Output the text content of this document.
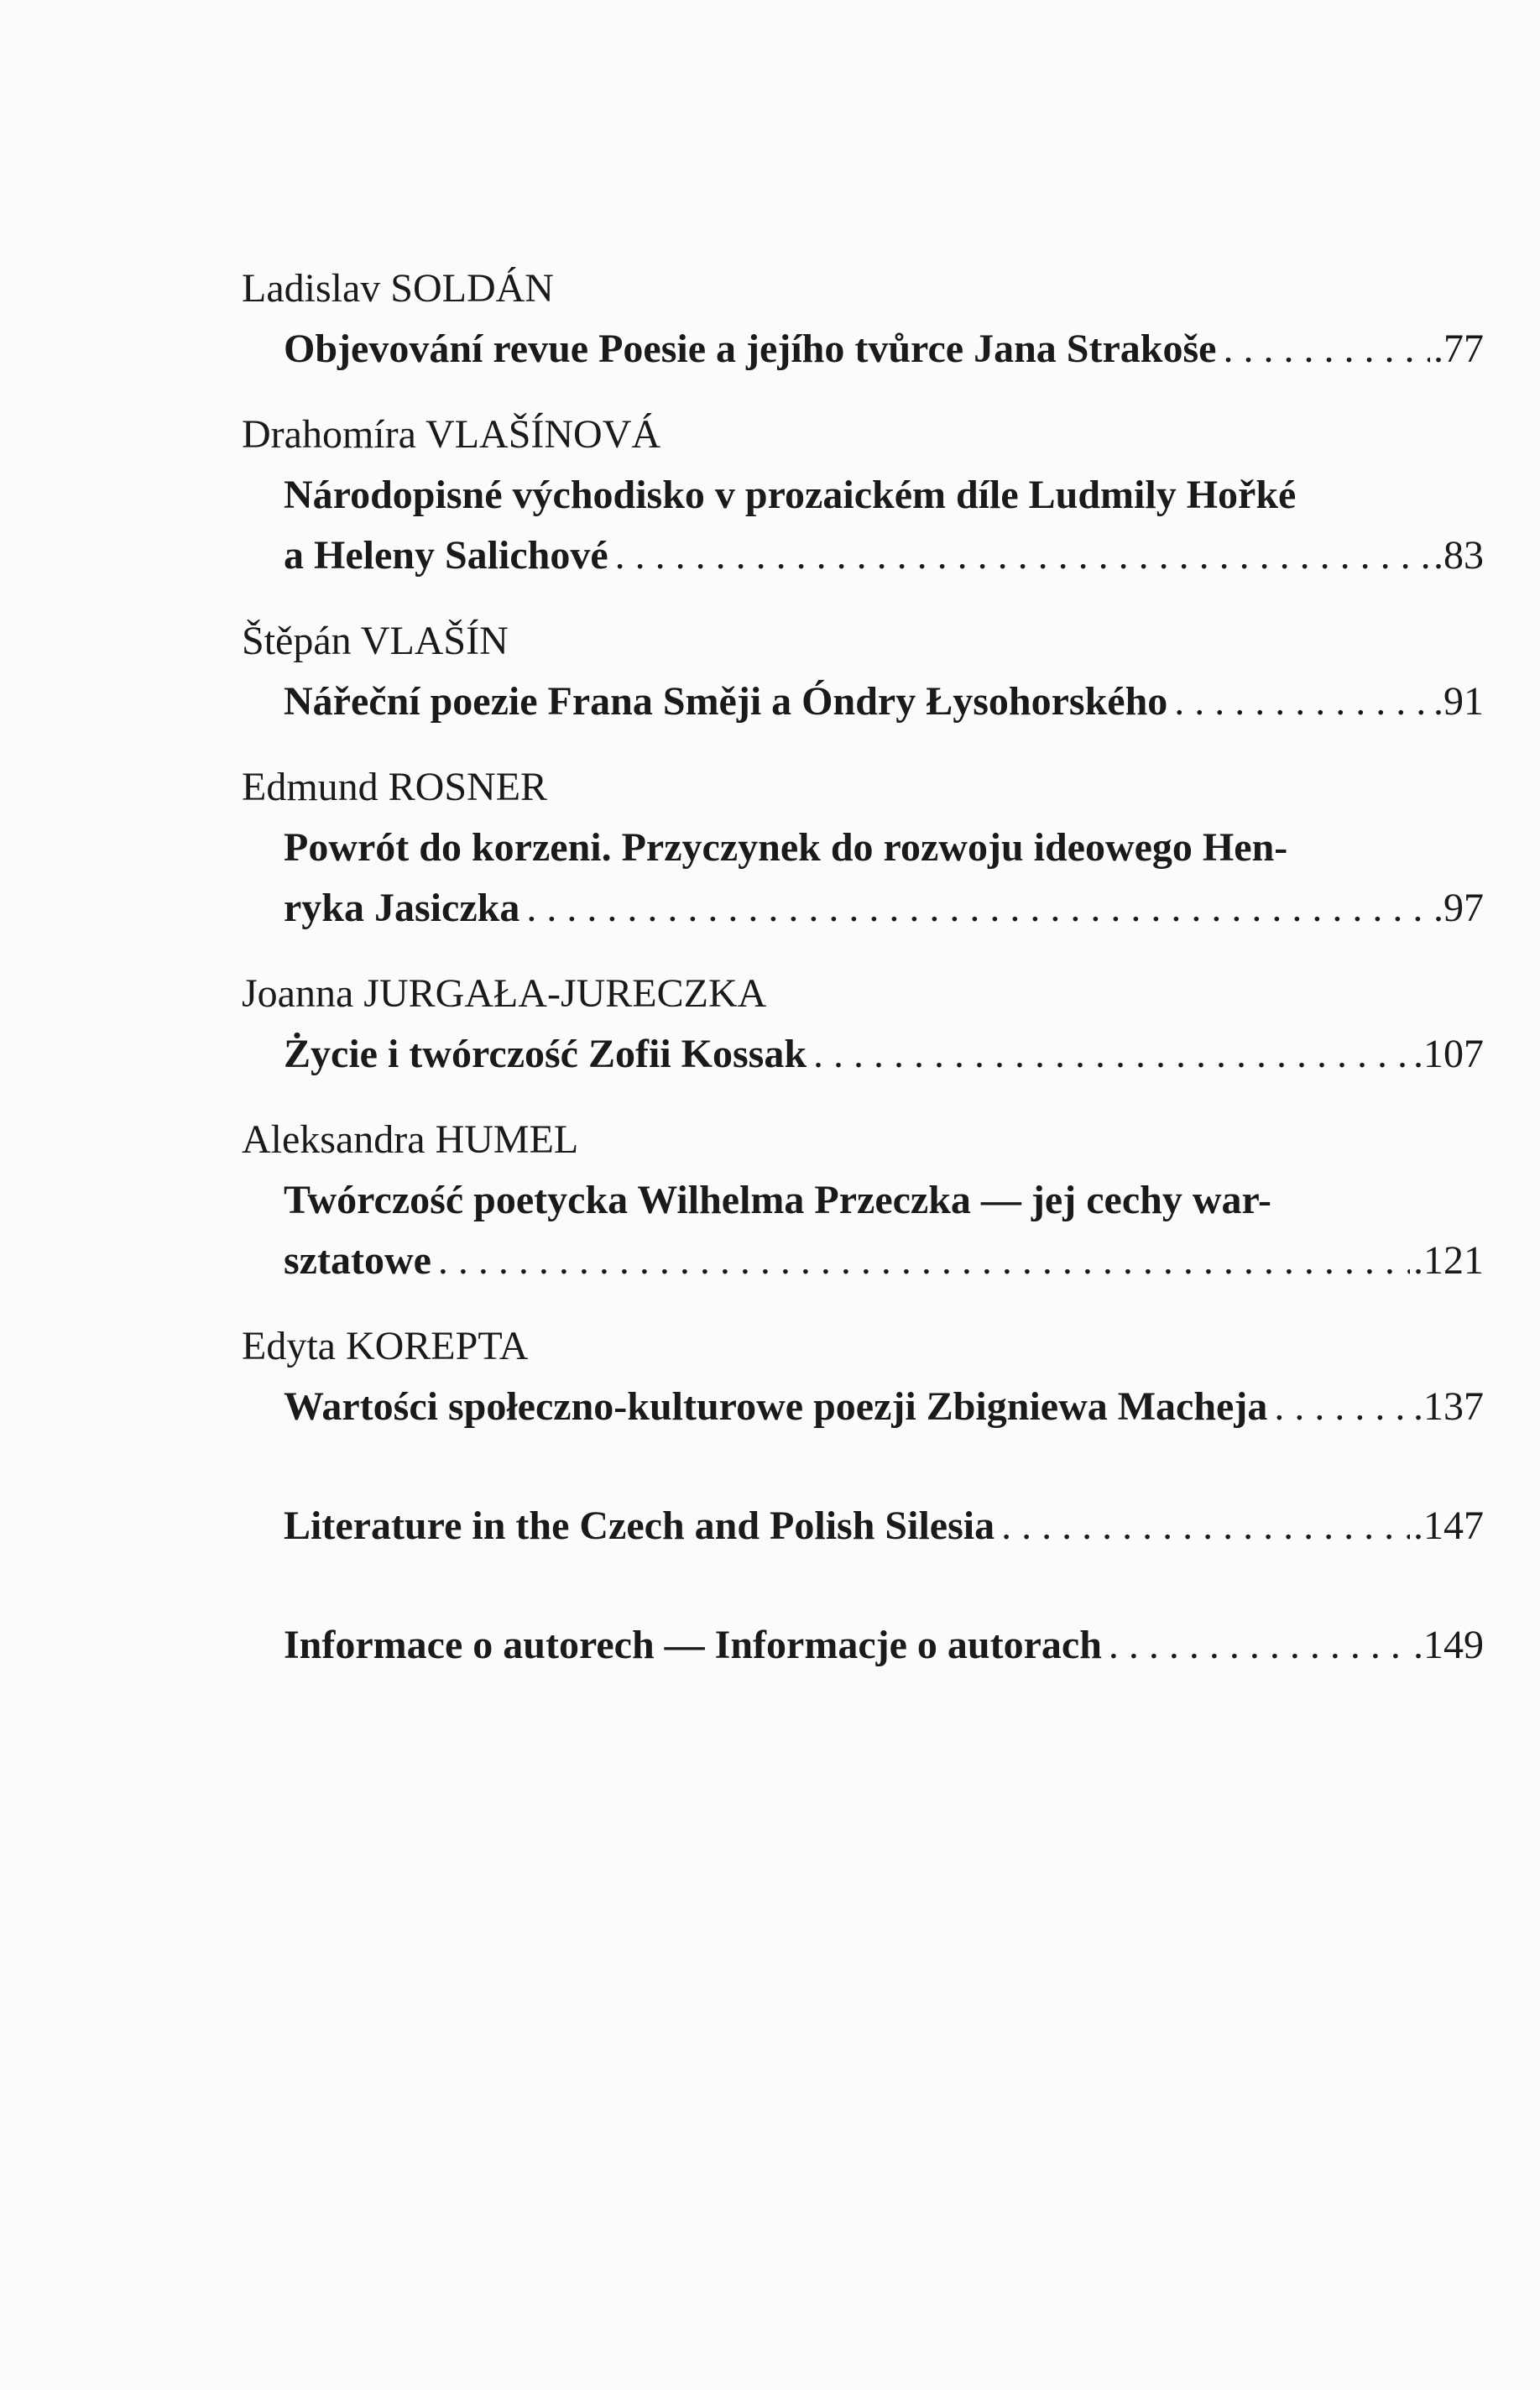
Ladislav SOLDÁN
Objevování revue Poesie a jejího tvůrce Jana Strakoše . . .	.77
Drahomíra VLAŠÍNOVÁ
Národopisné východisko v prozaickém díle Ludmily Hořké
a Heleny Salichové . . .	.83
Štěpán VLAŠÍN
Nářeční poezie Frana Směji a Óndry Łysohorského . . .	.91
Edmund ROSNER
Powrót do korzeni. Przyczynek do rozwoju ideowego Hen-
ryka Jasiczka . . .	.97
Joanna JURGAŁA-JURECZKA
Życie i twórczość Zofii Kossak . . .	.107
Aleksandra HUMEL
Twórczość poetycka Wilhelma Przeczka — jej cechy war-
sztatowe . . .	.121
Edyta KOREPTA
Wartości społeczno-kulturowe poezji Zbigniewa Macheja . . .	.137
Literature in the Czech and Polish Silesia . . .	.147
Informace o autorech — Informacje o autorach . . .	.149
